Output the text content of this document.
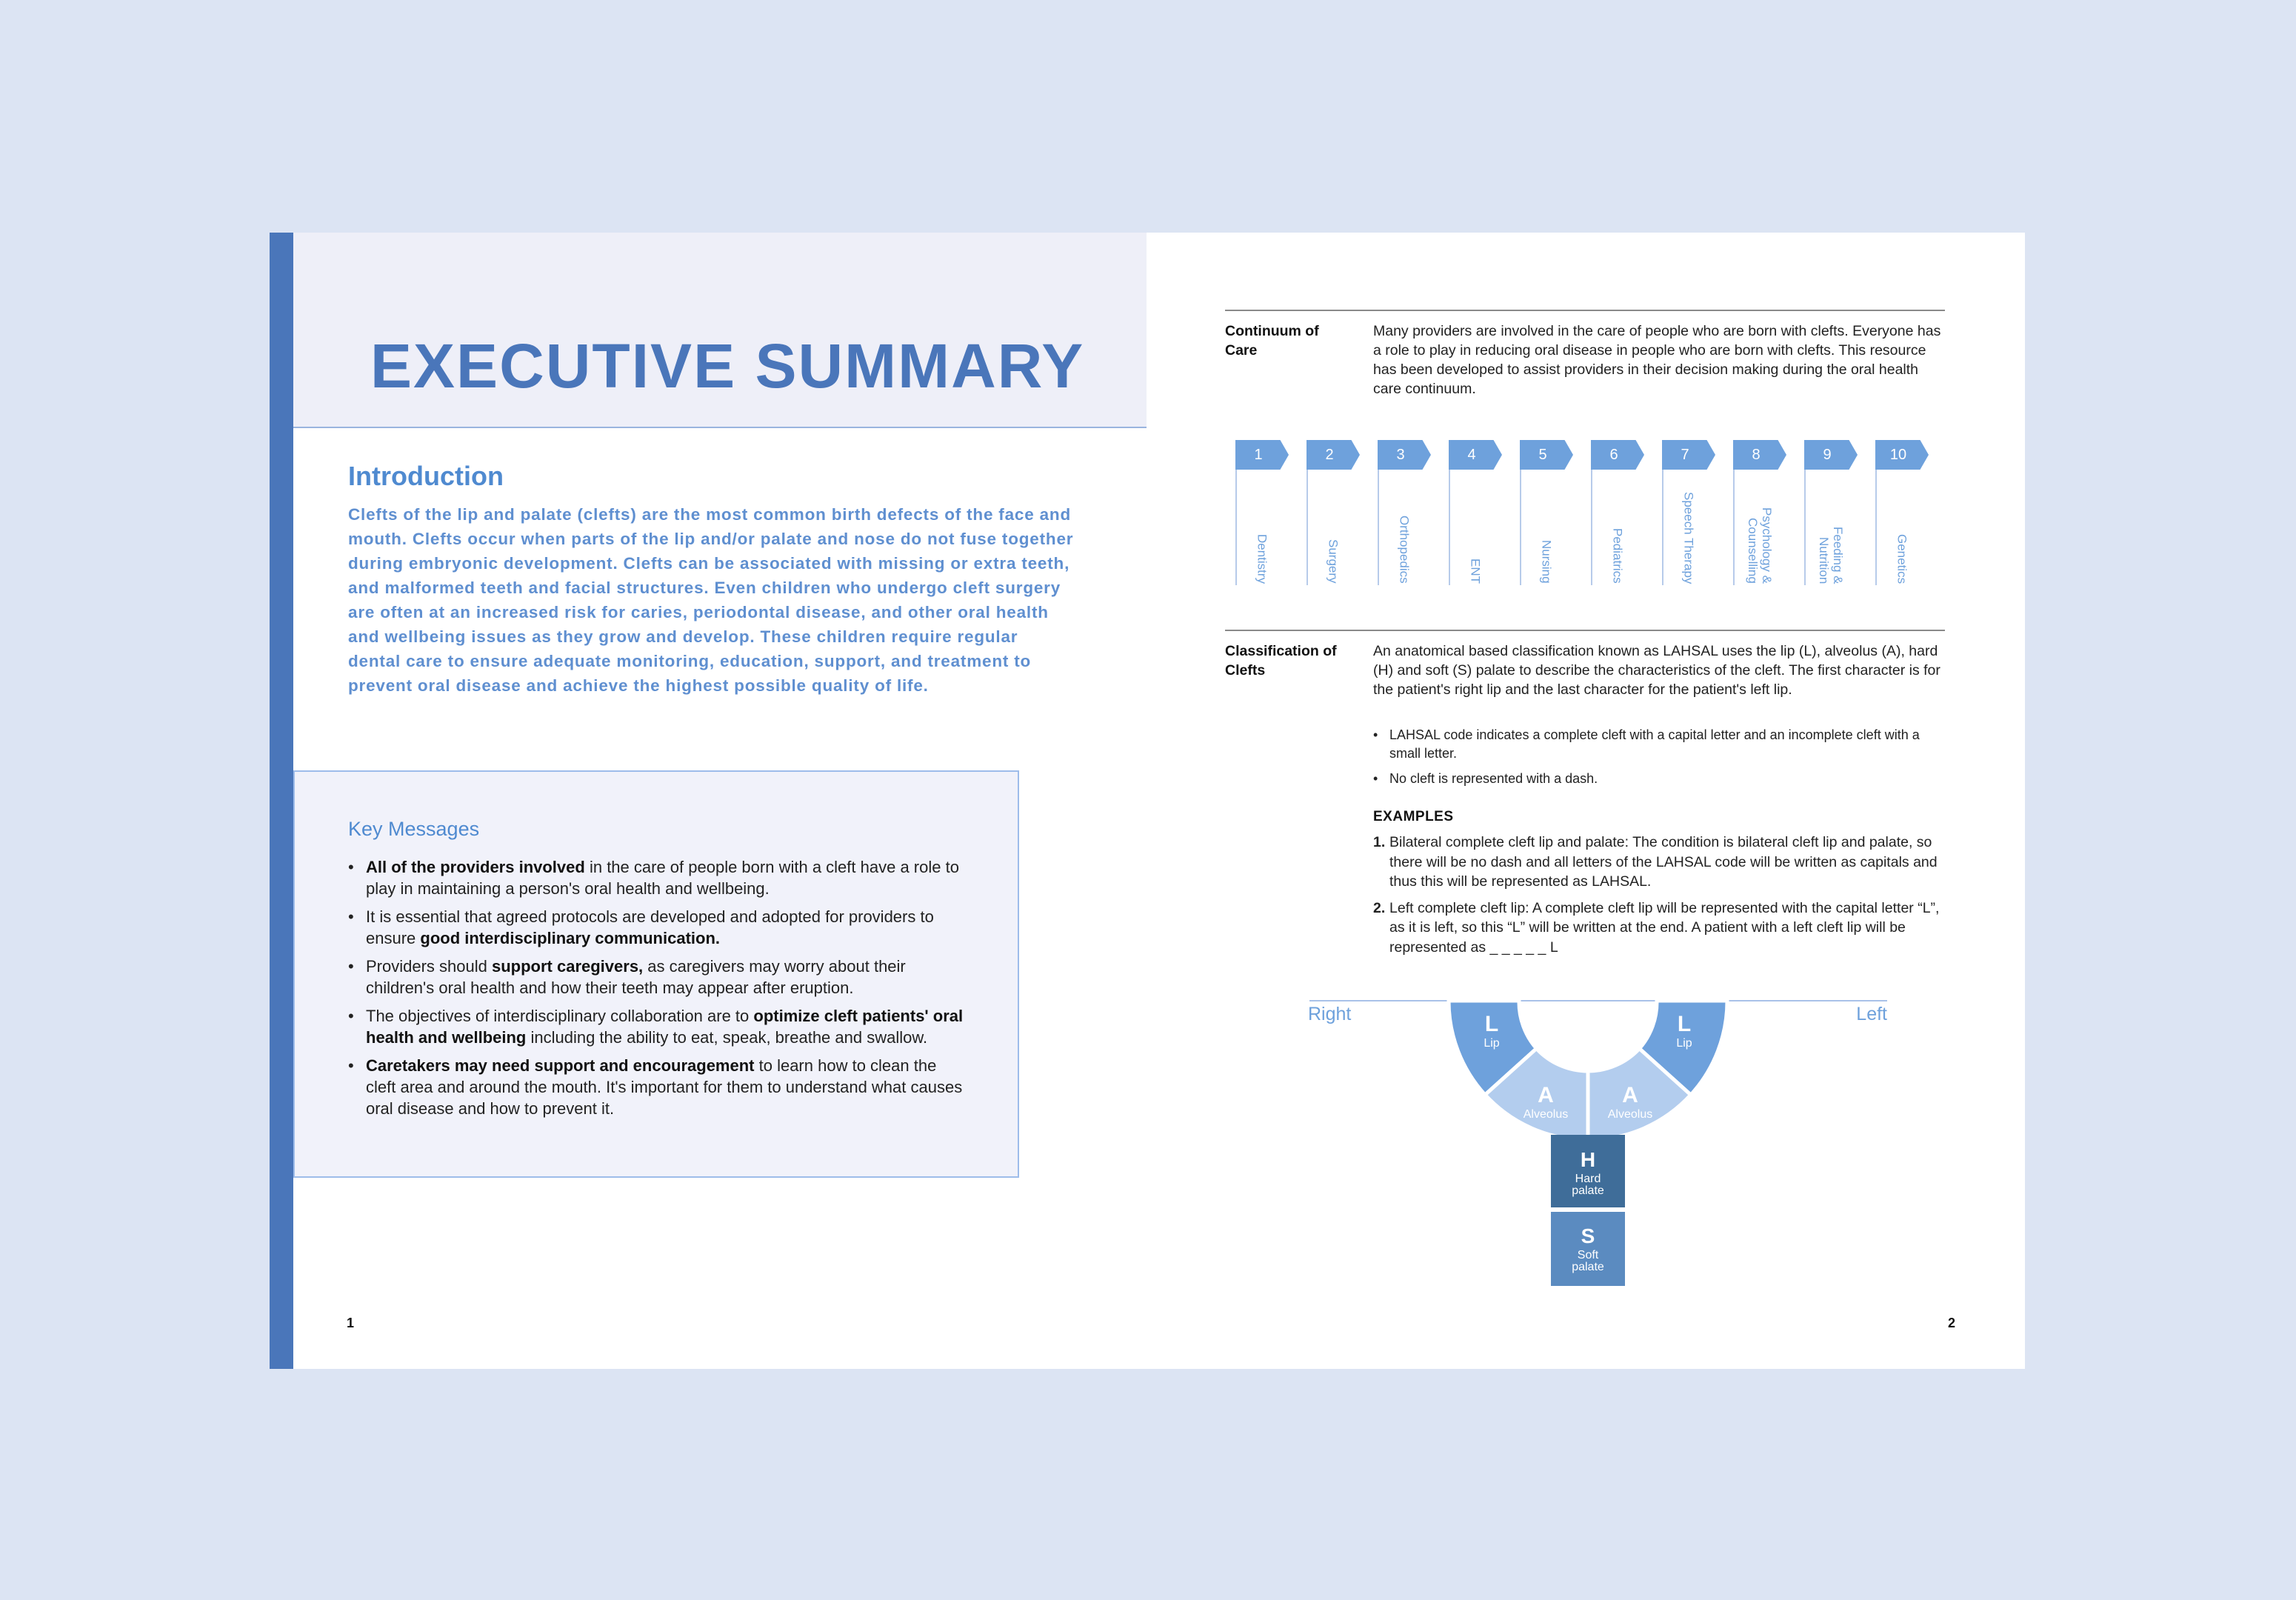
EXECUTIVE SUMMARY
Introduction

Clefts of the lip and palate (clefts) are the most common birth defects of the face and mouth. Clefts occur when parts of the lip and/or palate and nose do not fuse together during embryonic development. Clefts can be associated with missing or extra teeth, and malformed teeth and facial structures. Even children who undergo cleft surgery are often at an increased risk for caries, periodontal disease, and other oral health and wellbeing issues as they grow and develop. These children require regular dental care to ensure adequate monitoring, education, support, and treatment to prevent oral disease and achieve the highest possible quality of life.

Key Messages
• All of the providers involved in the care of people born with a cleft have a role to play in maintaining a person's oral health and wellbeing.
• It is essential that agreed protocols are developed and adopted for providers to ensure good interdisciplinary communication.
• Providers should support caregivers, as caregivers may worry about their children's oral health and how their teeth may appear after eruption.
• The objectives of interdisciplinary collaboration are to optimize cleft patients' oral health and wellbeing including the ability to eat, speak, breathe and swallow.
• Caretakers may need support and encouragement to learn how to clean the cleft area and around the mouth. It's important for them to understand what causes oral disease and how to prevent it.
1
Continuum of Care
Many providers are involved in the care of people who are born with clefts. Everyone has a role to play in reducing oral disease in people who are born with clefts. This resource has been developed to assist providers in their decision making during the oral health care continuum.
1
Dentistry
2
Surgery
3
Orthopedics
4
ENT
5
Nursing
6
Pediatrics
7
Speech Therapy
8
Psychology & Counselling
9
Feeding & Nutrition
10
Genetics
Classification of Clefts
An anatomical based classification known as LAHSAL uses the lip (L), alveolus (A), hard (H) and soft (S) palate to describe the characteristics of the cleft. The first character is for the patient's right lip and the last character for the patient's left lip.
• LAHSAL code indicates a complete cleft with a capital letter and an incomplete cleft with a small letter.
• No cleft is represented with a dash.
EXAMPLES
1. Bilateral complete cleft lip and palate: The condition is bilateral cleft lip and palate, so there will be no dash and all letters of the LAHSAL code will be written as capitals and thus this will be represented as LAHSAL.
2. Left complete cleft lip: A complete cleft lip will be represented with the capital letter “L”, as it is left, so this “L” will be written at the end. A patient with a left cleft lip will be represented as _ _ _ _ _ L
Right	Left
L
Lip
L
Lip
A
Alveolus
A
Alveolus
H
Hard
palate
S
Soft
palate
2
